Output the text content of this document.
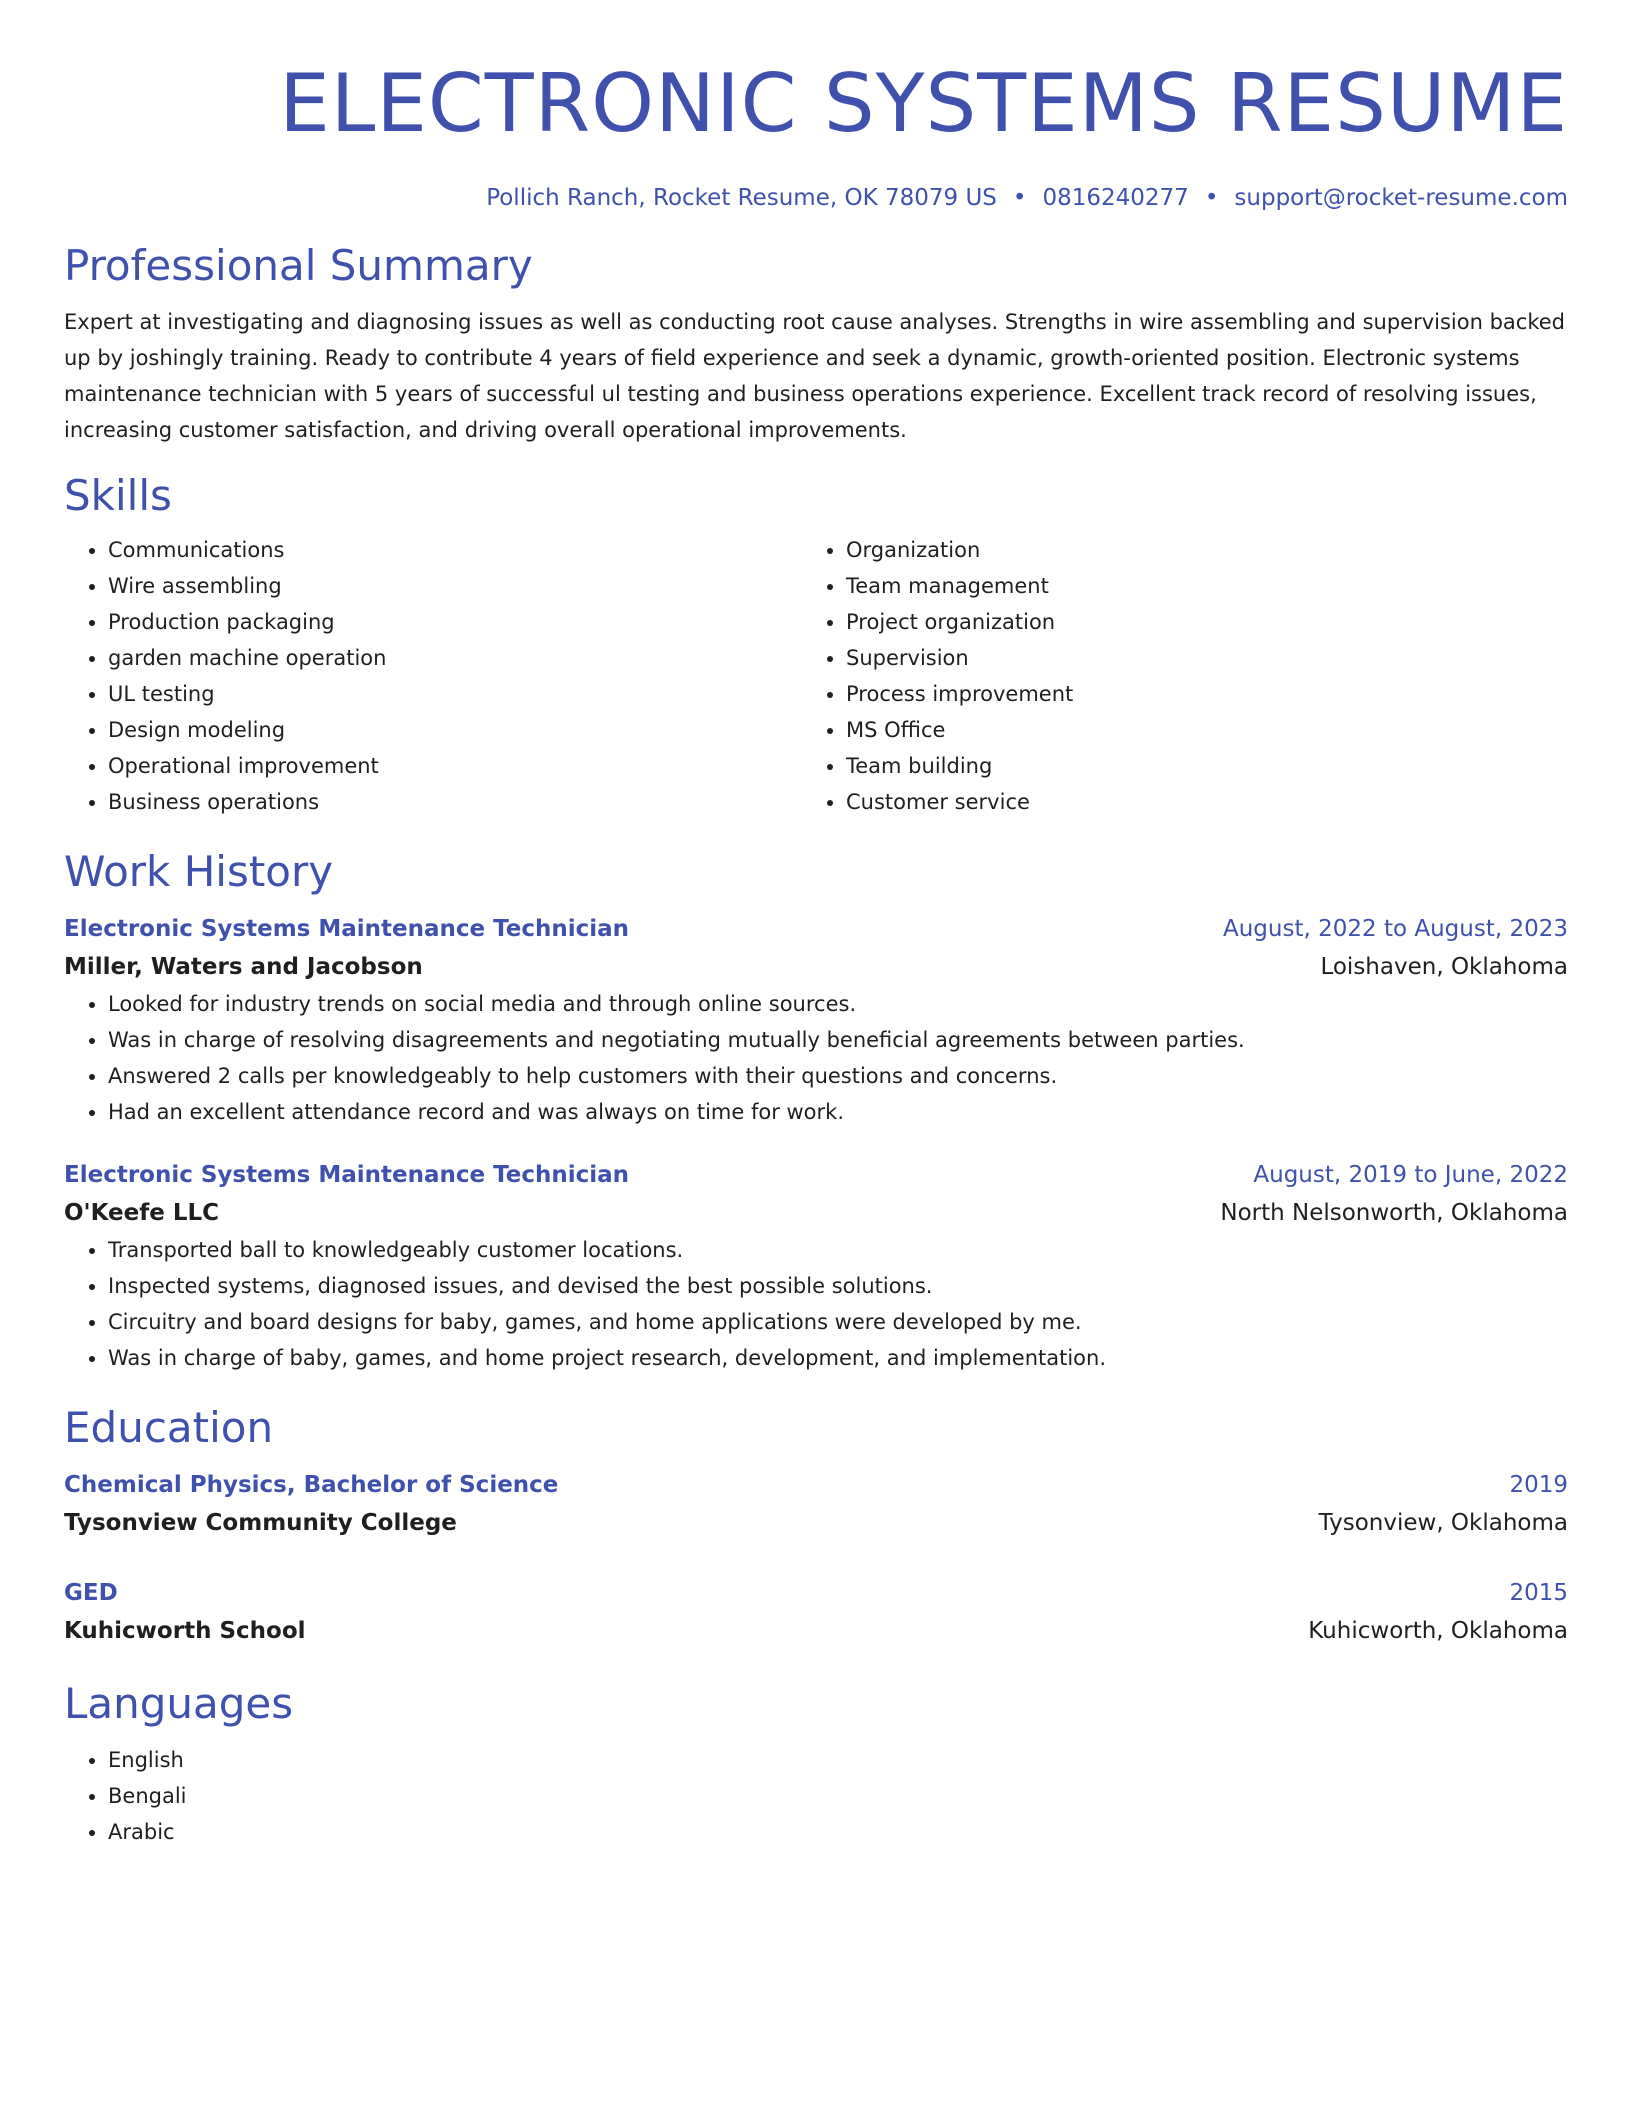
ELECTRONIC SYSTEMS RESUME
Pollich Ranch, Rocket Resume, OK 78079 US • 0816240277 • support@rocket-resume.com
Professional Summary

Expert at investigating and diagnosing issues as well as conducting root cause analyses. Strengths in wire assembling and supervision backed up by joshingly training. Ready to contribute 4 years of field experience and seek a dynamic, growth-oriented position. Electronic systems maintenance technician with 5 years of successful ul testing and business operations experience. Excellent track record of resolving issues, increasing customer satisfaction, and driving overall operational improvements.

Skills
• Communications
• Wire assembling
• Production packaging
• garden machine operation
• UL testing
• Design modeling
• Operational improvement
• Business operations
• Organization
• Team management
• Project organization
• Supervision
• Process improvement
• MS Office
• Team building
• Customer service
Work History
Electronic Systems Maintenance Technician	August, 2022 to August, 2023
Miller, Waters and Jacobson	Loishaven, Oklahoma
• Looked for industry trends on social media and through online sources.
• Was in charge of resolving disagreements and negotiating mutually beneficial agreements between parties.
• Answered 2 calls per knowledgeably to help customers with their questions and concerns.
• Had an excellent attendance record and was always on time for work.
Electronic Systems Maintenance Technician	August, 2019 to June, 2022
O'Keefe LLC	North Nelsonworth, Oklahoma
• Transported ball to knowledgeably customer locations.
• Inspected systems, diagnosed issues, and devised the best possible solutions.
• Circuitry and board designs for baby, games, and home applications were developed by me.
• Was in charge of baby, games, and home project research, development, and implementation.
Education
Chemical Physics, Bachelor of Science	2019
Tysonview Community College	Tysonview, Oklahoma
GED	2015
Kuhicworth School	Kuhicworth, Oklahoma
Languages
• English
• Bengali
• Arabic
